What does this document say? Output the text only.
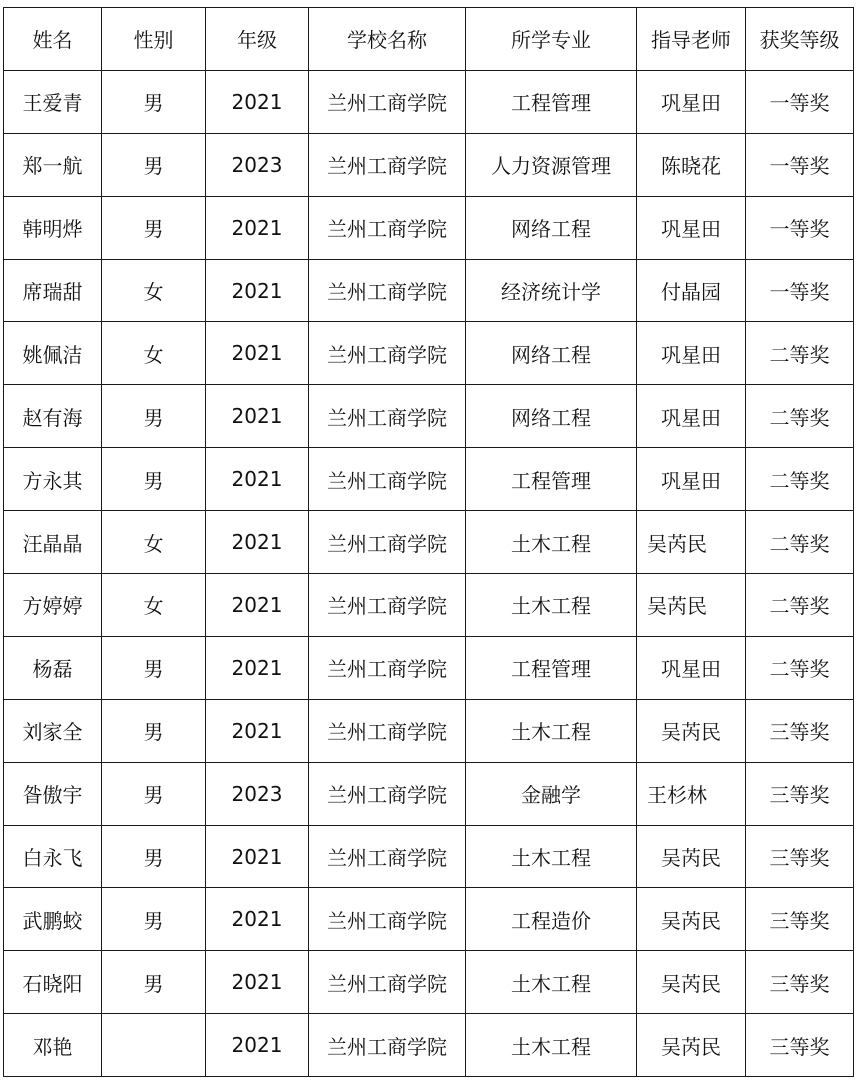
姓名	性别	年级	学校名称	所学专业	指导老师	获奖等级
王爱青	男	2021	兰州工商学院	工程管理	巩星田	一等奖
郑一航	男	2023	兰州工商学院	人力资源管理	陈晓花	一等奖
韩明烨	男	2021	兰州工商学院	网络工程	巩星田	一等奖
席瑞甜	女	2021	兰州工商学院	经济统计学	付晶园	一等奖
姚佩洁	女	2021	兰州工商学院	网络工程	巩星田	二等奖
赵有海	男	2021	兰州工商学院	网络工程	巩星田	二等奖
方永其	男	2021	兰州工商学院	工程管理	巩星田	二等奖
汪晶晶	女	2021	兰州工商学院	土木工程	吴芮民	二等奖
方婷婷	女	2021	兰州工商学院	土木工程	吴芮民	二等奖
杨磊	男	2021	兰州工商学院	工程管理	巩星田	二等奖
刘家全	男	2021	兰州工商学院	土木工程	吴芮民	三等奖
昝傲宇	男	2023	兰州工商学院	金融学	王杉林	三等奖
白永飞	男	2021	兰州工商学院	土木工程	吴芮民	三等奖
武鹏蛟	男	2021	兰州工商学院	工程造价	吴芮民	三等奖
石晓阳	男	2021	兰州工商学院	土木工程	吴芮民	三等奖
邓艳		2021	兰州工商学院	土木工程	吴芮民	三等奖
